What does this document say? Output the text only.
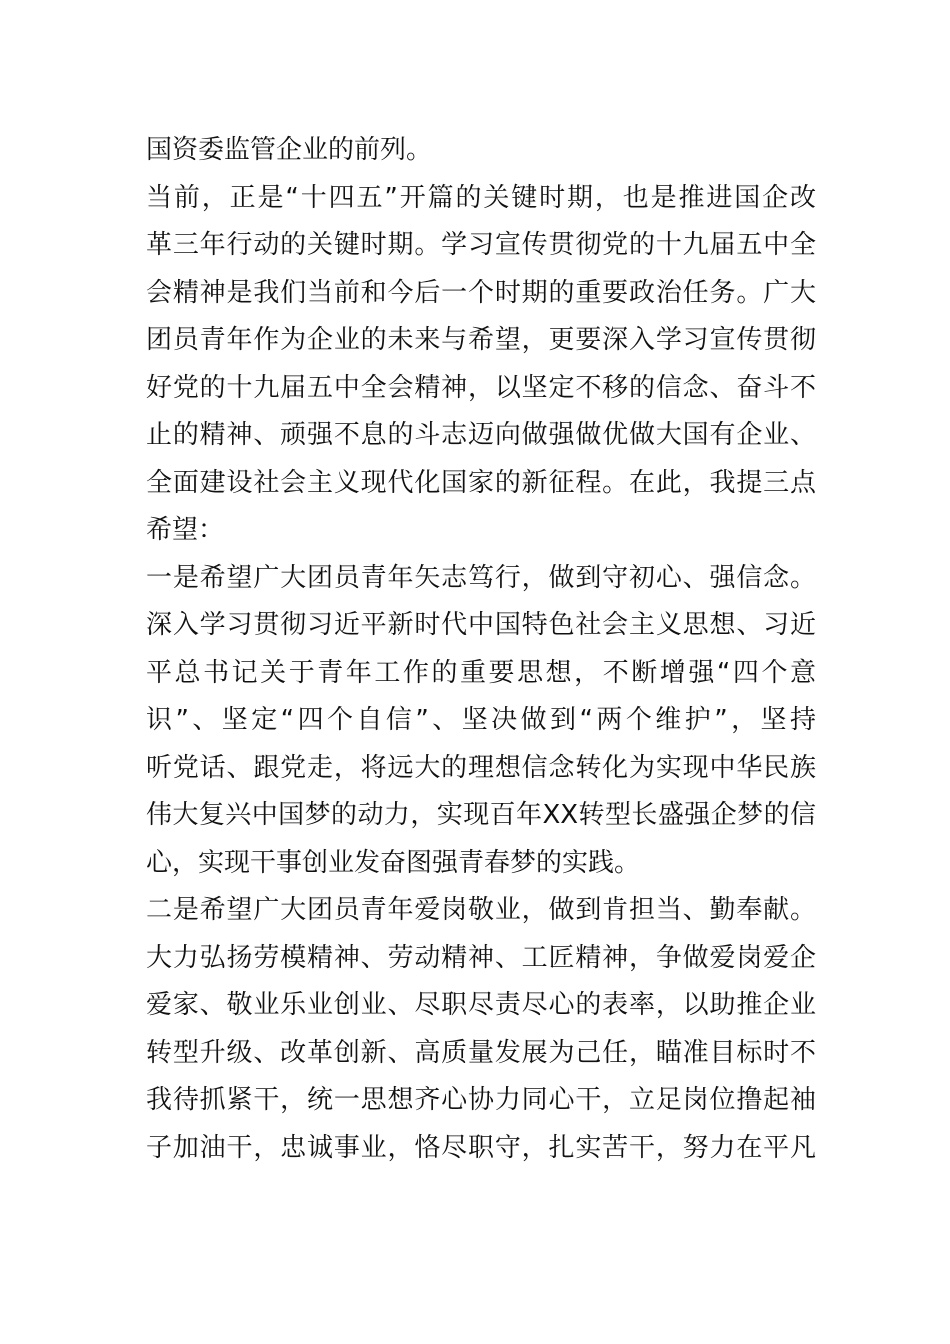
国资委监管企业的前列。
当前，正是“十四五”开篇的关键时期，也是推进国企改
革三年行动的关键时期。学习宣传贯彻党的十九届五中全
会精神是我们当前和今后一个时期的重要政治任务。广大
团员青年作为企业的未来与希望，更要深入学习宣传贯彻
好党的十九届五中全会精神，以坚定不移的信念、奋斗不
止的精神、顽强不息的斗志迈向做强做优做大国有企业、
全面建设社会主义现代化国家的新征程。在此，我提三点
希望：
一是希望广大团员青年矢志笃行，做到守初心、强信念。
深入学习贯彻习近平新时代中国特色社会主义思想、习近
平总书记关于青年工作的重要思想，不断增强“四个意
识”、坚定“四个自信”、坚决做到“两个维护”，坚持
听党话、跟党走，将远大的理想信念转化为实现中华民族
伟大复兴中国梦的动力，实现百年XX转型长盛强企梦的信
心，实现干事创业发奋图强青春梦的实践。
二是希望广大团员青年爱岗敬业，做到肯担当、勤奉献。
大力弘扬劳模精神、劳动精神、工匠精神，争做爱岗爱企
爱家、敬业乐业创业、尽职尽责尽心的表率，以助推企业
转型升级、改革创新、高质量发展为己任，瞄准目标时不
我待抓紧干，统一思想齐心协力同心干，立足岗位撸起袖
子加油干，忠诚事业，恪尽职守，扎实苦干，努力在平凡
